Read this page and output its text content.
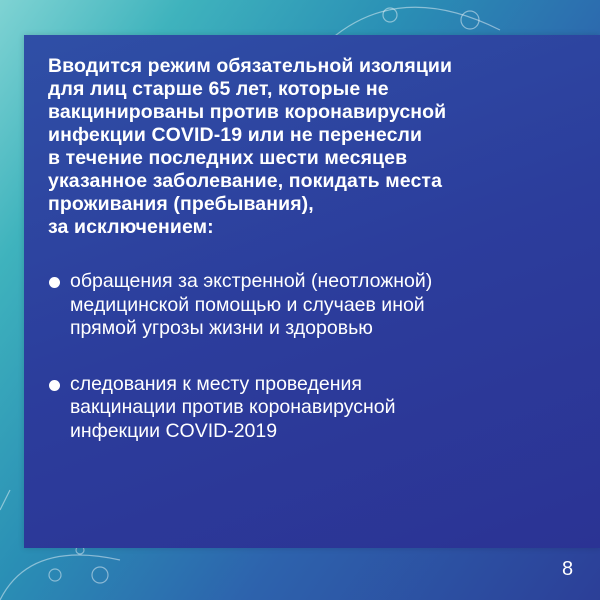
Вводится режим обязательной изоляции
для лиц старше 65 лет, которые не
вакцинированы против коронавирусной
инфекции COVID-19 или не перенесли
в течение последних шести месяцев
указанное заболевание, покидать места
проживания (пребывания),
за исключением:

обращения за экстренной (неотложной)
медицинской помощью и случаев иной
прямой угрозы жизни и здоровью
следования к месту проведения
вакцинации против коронавирусной
инфекции COVID-2019
8
